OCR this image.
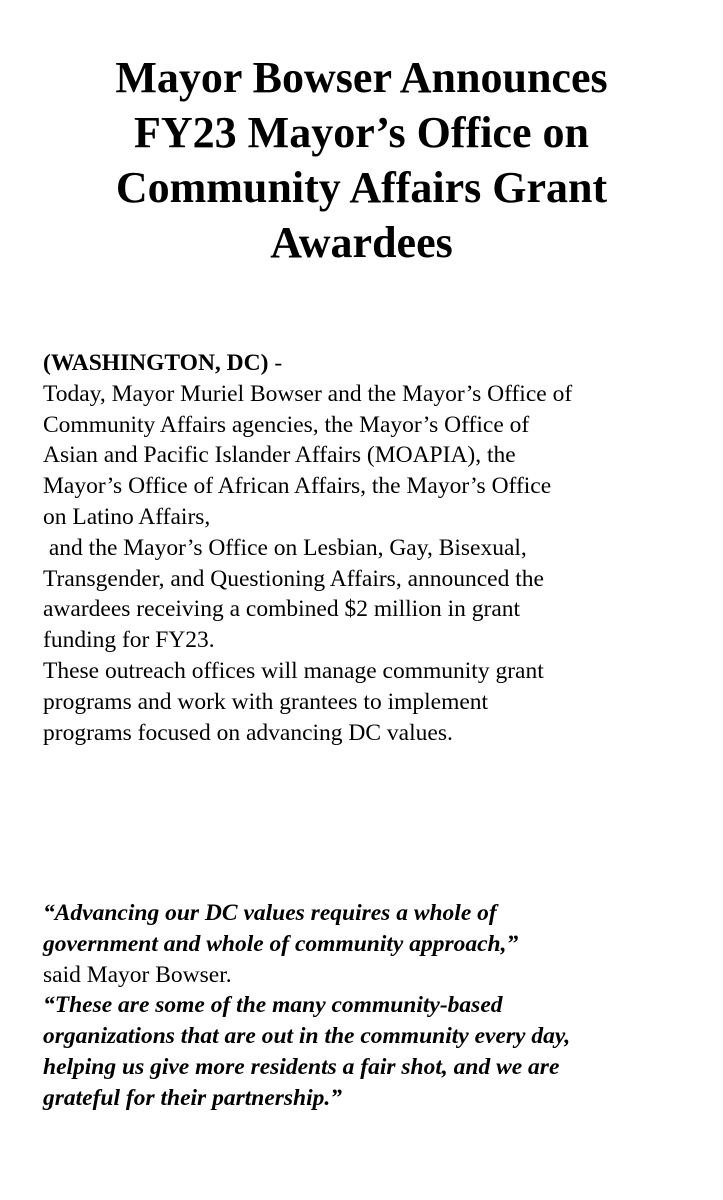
Mayor Bowser Announces
FY23 Mayor’s Office on
Community Affairs Grant
Awardees
(WASHINGTON, DC) -
Today, Mayor Muriel Bowser and the Mayor’s Office of
Community Affairs agencies, the Mayor’s Office of
Asian and Pacific Islander Affairs (MOAPIA), the
Mayor’s Office of African Affairs, the Mayor’s Office
on Latino Affairs,
and the Mayor’s Office on Lesbian, Gay, Bisexual,
Transgender, and Questioning Affairs, announced the
awardees receiving a combined $2 million in grant
funding for FY23.
These outreach offices will manage community grant
programs and work with grantees to implement
programs focused on advancing DC values.
“Advancing our DC values requires a whole of
government and whole of community approach,”
said Mayor Bowser.
“These are some of the many community-based
organizations that are out in the community every day,
helping us give more residents a fair shot, and we are
grateful for their partnership.”
